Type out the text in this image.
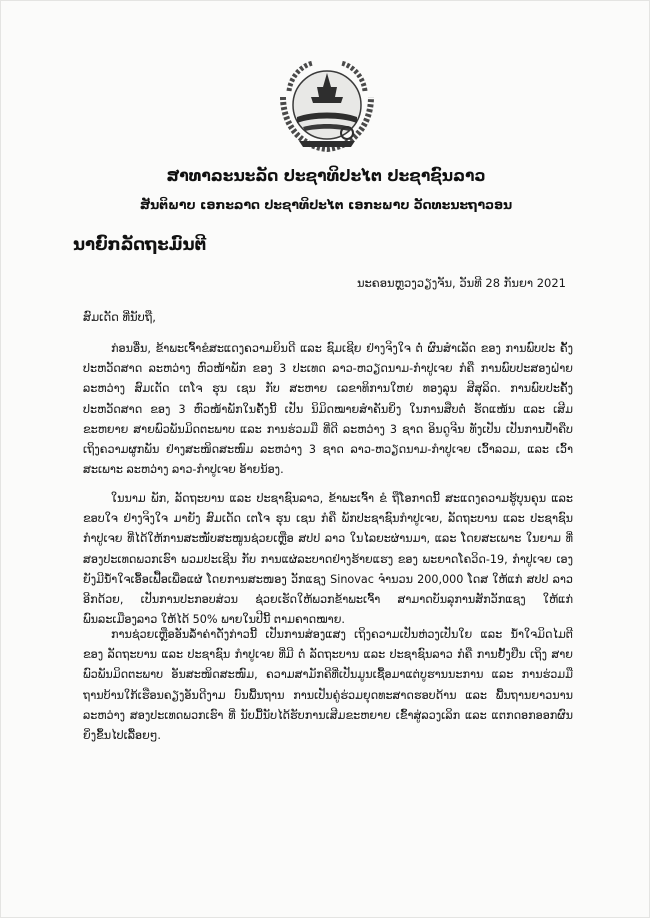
ສາທາລະນະລັດ ປະຊາທິປະໄຕ ປະຊາຊົນລາວ
ສັນຕິພາບ ເອກະລາດ ປະຊາທິປະໄຕ ເອກະພາບ ວັດທະນະຖາວອນ
ນາຍົກລັດຖະມົນຕີ
ນະຄອນຫຼວງວຽງຈັນ, ວັນທີ 28 ກັນຍາ 2021
ສົມເດັດ ທີ່ນັບຖື,

ກ່ອນອື່ນ, ຂ້າພະເຈົ້າຂໍສະແດງຄວາມຍິນດີ ແລະ ຊົມເຊີຍ ຢ່າງຈິງໃຈ ຕໍ່ ຜົນສຳເລັດ ຂອງ ການພົບປະ ຄັ້ງປະຫວັດສາດ ລະຫວ່າງ ຫົວໜ້າພັກ ຂອງ 3 ປະເທດ ລາວ-ຫວຽດນາມ-ກຳປູເຈຍ ກໍຄື ການພົບປະສອງຝ່າຍ ລະຫວ່າງ ສົມເດັດ ເຕໂຈ ຮຸນ ເຊນ ກັບ ສະຫາຍ ເລຂາທິການໃຫຍ່ ທອງລຸນ ສີສຸລິດ. ການພົບປະຄັ້ງ ປະຫວັດສາດ ຂອງ 3 ຫົວໜ້າພັກໃນຄັ້ງນີ້ ເປັນ ນິມິດໝາຍສຳຄັນຍິ່ງ ໃນການສືບຕໍ່ ຮັດແໜ້ນ ແລະ ເສີມຂະຫຍາຍ ສາຍພົວພັນມິດຕະພາບ ແລະ ການຮ່ວມມື ທີ່ດີ ລະຫວ່າງ 3 ຊາດ ອິນດູຈີນ ທັງເປັນ ເປັນການປໍ້າຄືບ ເຖິງຄວາມຜູກພັນ ຢ່າງສະໜິດສະໜົມ ລະຫວ່າງ 3 ຊາດ ລາວ-ຫວຽດນາມ-ກຳປູເຈຍ ເວົ້າລວມ, ແລະ ເວົ້າສະເພາະ ລະຫວ່າງ ລາວ-ກຳປູເຈຍ ອ້າຍນ້ອງ.

ໃນນາມ ພັກ, ລັດຖະບານ ແລະ ປະຊາຊົນລາວ, ຂ້າພະເຈົ້າ ຂໍ ຖືໂອກາດນີ້ ສະແດງຄວາມຮູ້ບຸນຄຸນ ແລະ ຂອບໃຈ ຢ່າງຈິງໃຈ ມາຍັງ ສົມເດັດ ເຕໂຈ ຮຸນ ເຊນ ກໍຄື ພັກປະຊາຊົນກຳປູເຈຍ, ລັດຖະບານ ແລະ ປະຊາຊົນ ກຳປູເຈຍ ທີ່ໄດ້ໃຫ້ການສະໜັບສະໜູນຊ່ວຍເຫຼືອ ສປປ ລາວ ໃນໄລຍະຜ່ານມາ, ແລະ ໂດຍສະເພາະ ໃນຍາມ ທີ່ ສອງປະເທດພວກເຮົາ ພວມປະເຊີນ ກັບ ການແຜ່ລະບາດຢ່າງຮ້າຍແຮງ ຂອງ ພະຍາດໂຄວິດ-19, ກຳປູເຈຍ ເອງ ຍັງມີນໍ້າໃຈເອື້ອເຟື້ອເພື່ອແຜ່ ໂດຍການສະໜອງ ວັກແຊງ Sinovac ຈຳນວນ 200,000 ໂດສ ໃຫ້ແກ່ ສປປ ລາວ ອີກດ້ວຍ, ເປັນການປະກອບສ່ວນ ຊ່ວຍເຮັດໃຫ້ພວກຂ້າພະເຈົ້າ ສາມາດບັນລຸການສັກວັກແຊງ ໃຫ້ແກ່ ພົນລະເມືອງລາວ ໃຫ້ໄດ້ 50% ພາຍໃນປີນີ້ ຕາມຄາດໝາຍ.

ການຊ່ວຍເຫຼືອອັນລໍ້າຄ່າດັ່ງກ່າວນີ້ ເປັນການສ່ອງແສງ ເຖິງຄວາມເປັນຫ່ວງເປັນໃຍ ແລະ ນໍ້າໃຈມິດໄມຕີ ຂອງ ລັດຖະບານ ແລະ ປະຊາຊົນ ກຳປູເຈຍ ທີ່ມີ ຕໍ່ ລັດຖະບານ ແລະ ປະຊາຊົນລາວ ກໍຄື ການຢັ້ງຢືນ ເຖິງ ສາຍພົວພັນມິດຕະພາບ ອັນສະໜິດສະໜົມ, ຄວາມສາມັກຄີທີ່ເປັນມູນເຊື້ອມາແຕ່ບູຮານນະການ ແລະ ການຮ່ວມມືຖານບ້ານໃກ້ເຮືອນຄຽງອັນດີງາມ ບົນພື້ນຖານ ການເປັນຄູ່ຮ່ວມຍຸດທະສາດຮອບດ້ານ ແລະ ພື້ນຖານຍາວນານ ລະຫວ່າງ ສອງປະເທດພວກເຮົາ ທີ່ ນັບມື້ນັບໄດ້ຮັບການເສີມຂະຫຍາຍ ເຂົ້າສູ່ລວງເລິກ ແລະ ແຕກດອກອອກຜົນຍິ່ງຂຶ້ນໄປເລື້ອຍໆ.
